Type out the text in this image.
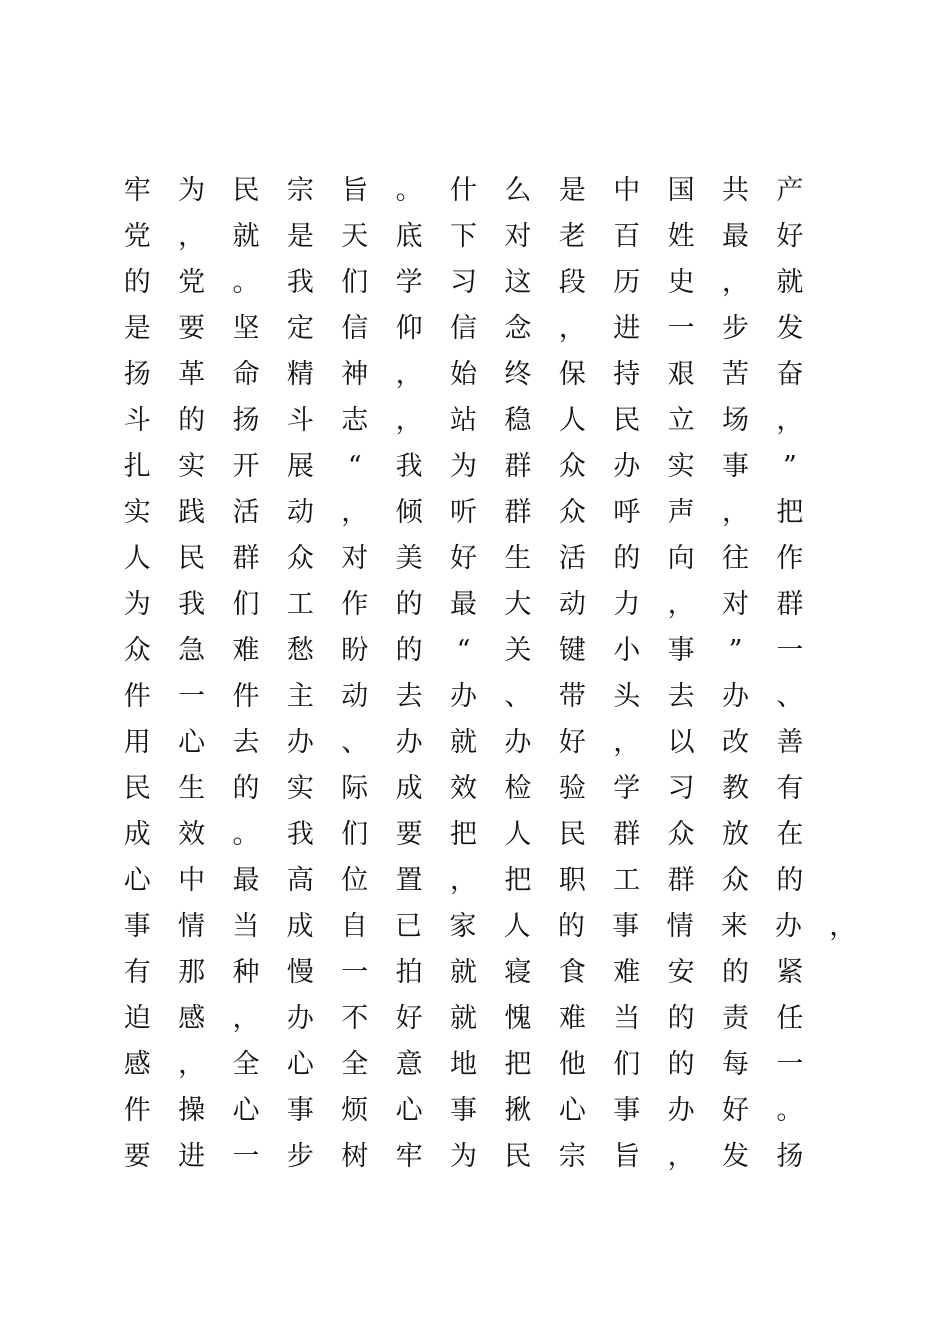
牢	为	民	宗	旨	。	什	么	是	中	国	共	产
党	，	就	是	天	底	下	对	老	百	姓	最	好
的	党	。	我	们	学	习	这	段	历	史	，	就
是	要	坚	定	信	仰	信	念	，	进	一	步	发
扬	革	命	精	神	，	始	终	保	持	艰	苦	奋
斗	的	扬	斗	志	，	站	稳	人	民	立	场	，
扎	实	开	展	“	我	为	群	众	办	实	事	”
实	践	活	动	，	倾	听	群	众	呼	声	，	把
人	民	群	众	对	美	好	生	活	的	向	往	作
为	我	们	工	作	的	最	大	动	力	，	对	群
众	急	难	愁	盼	的	“	关	键	小	事	”	一
件	一	件	主	动	去	办	、	带	头	去	办	、
用	心	去	办	、	办	就	办	好	，	以	改	善
民	生	的	实	际	成	效	检	验	学	习	教	有
成	效	。	我	们	要	把	人	民	群	众	放	在
心	中	最	高	位	置	，	把	职	工	群	众	的
事	情	当	成	自	已	家	人	的	事	情	来	办	，
有	那	种	慢	一	拍	就	寝	食	难	安	的	紧
迫	感	，	办	不	好	就	愧	难	当	的	责	任
感	，	全	心	全	意	地	把	他	们	的	每	一
件	操	心	事	烦	心	事	揪	心	事	办	好	。
要	进	一	步	树	牢	为	民	宗	旨	，	发	扬
